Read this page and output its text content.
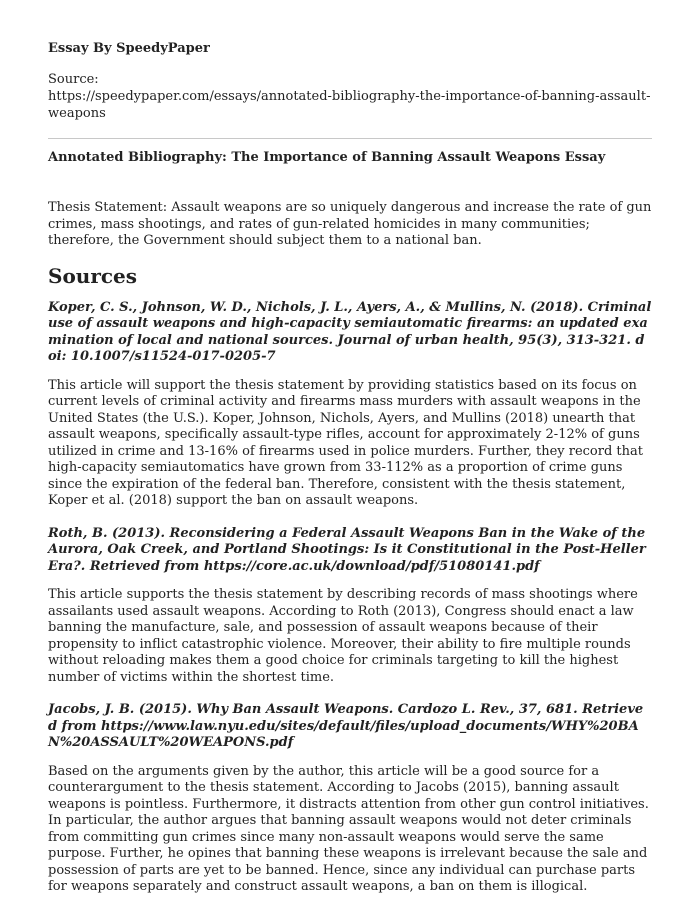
Essay By SpeedyPaper

Source:

https://speedypaper.com/essays/annotated-bibliography-the-importance-of-banning-assault-weapons

Annotated Bibliography: The Importance of Banning Assault Weapons Essay

Thesis Statement: Assault weapons are so uniquely dangerous and increase the rate of gun crimes, mass shootings, and rates of gun-related homicides in many communities; therefore, the Government should subject them to a national ban.

Sources

Koper, C. S., Johnson, W. D., Nichols, J. L., Ayers, A., & Mullins, N. (2018). Criminal use of assault weapons and high-capacity semiautomatic firearms: an updated examination of local and national sources. Journal of urban health, 95(3), 313-321. doi: 10.1007/s11524-017-0205-7

This article will support the thesis statement by providing statistics based on its focus on current levels of criminal activity and firearms mass murders with assault weapons in the United States (the U.S.). Koper, Johnson, Nichols, Ayers, and Mullins (2018) unearth that assault weapons, specifically assault-type rifles, account for approximately 2-12% of guns utilized in crime and 13-16% of firearms used in police murders. Further, they record that high-capacity semiautomatics have grown from 33-112% as a proportion of crime guns since the expiration of the federal ban. Therefore, consistent with the thesis statement, Koper et al. (2018) support the ban on assault weapons.

Roth, B. (2013). Reconsidering a Federal Assault Weapons Ban in the Wake of the Aurora, Oak Creek, and Portland Shootings: Is it Constitutional in the Post-Heller Era?. Retrieved from https://core.ac.uk/download/pdf/51080141.pdf

This article supports the thesis statement by describing records of mass shootings where assailants used assault weapons. According to Roth (2013), Congress should enact a law banning the manufacture, sale, and possession of assault weapons because of their propensity to inflict catastrophic violence. Moreover, their ability to fire multiple rounds without reloading makes them a good choice for criminals targeting to kill the highest number of victims within the shortest time.

Jacobs, J. B. (2015). Why Ban Assault Weapons. Cardozo L. Rev., 37, 681. Retrieved from https://www.law.nyu.edu/sites/default/files/upload_documents/WHY%20BAN%20ASSAULT%20WEAPONS.pdf

Based on the arguments given by the author, this article will be a good source for a counterargument to the thesis statement. According to Jacobs (2015), banning assault weapons is pointless. Furthermore, it distracts attention from other gun control initiatives. In particular, the author argues that banning assault weapons would not deter criminals from committing gun crimes since many non-assault weapons would serve the same purpose. Further, he opines that banning these weapons is irrelevant because the sale and possession of parts are yet to be banned. Hence, since any individual can purchase parts for weapons separately and construct assault weapons, a ban on them is illogical.
